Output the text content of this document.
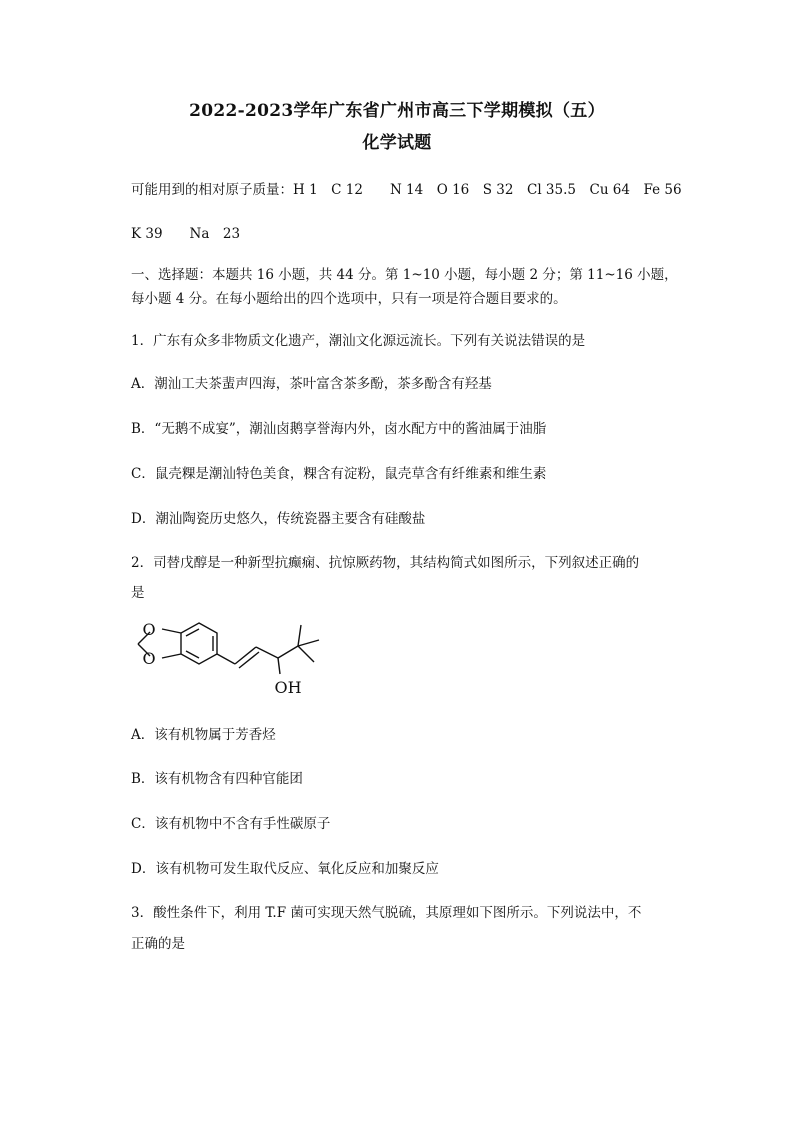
2022-2023学年广东省广州市高三下学期模拟（五）
化学试题
可能用到的相对原子质量：H 1　C 12　　N 14　O 16　S 32　Cl 35.5　Cu 64　Fe 56
K 39　　Na　23
一、选择题：本题共 16 小题，共 44 分。第 1~10 小题，每小题 2 分；第 11~16 小题，
每小题 4 分。在每小题给出的四个选项中，只有一项是符合题目要求的。
1．广东有众多非物质文化遗产，潮汕文化源远流长。下列有关说法错误的是
A．潮汕工夫茶蜚声四海，茶叶富含茶多酚，茶多酚含有羟基
B．“无鹅不成宴”，潮汕卤鹅享誉海内外，卤水配方中的酱油属于油脂
C．鼠壳粿是潮汕特色美食，粿含有淀粉，鼠壳草含有纤维素和维生素
D．潮汕陶瓷历史悠久，传统瓷器主要含有硅酸盐
2．司替戊醇是一种新型抗癫痫、抗惊厥药物，其结构简式如图所示，下列叙述正确的
是
O
O
OH
A．该有机物属于芳香烃
B．该有机物含有四种官能团
C．该有机物中不含有手性碳原子
D．该有机物可发生取代反应、氧化反应和加聚反应
3．酸性条件下，利用 T.F 菌可实现天然气脱硫，其原理如下图所示。下列说法中，不
正确的是
